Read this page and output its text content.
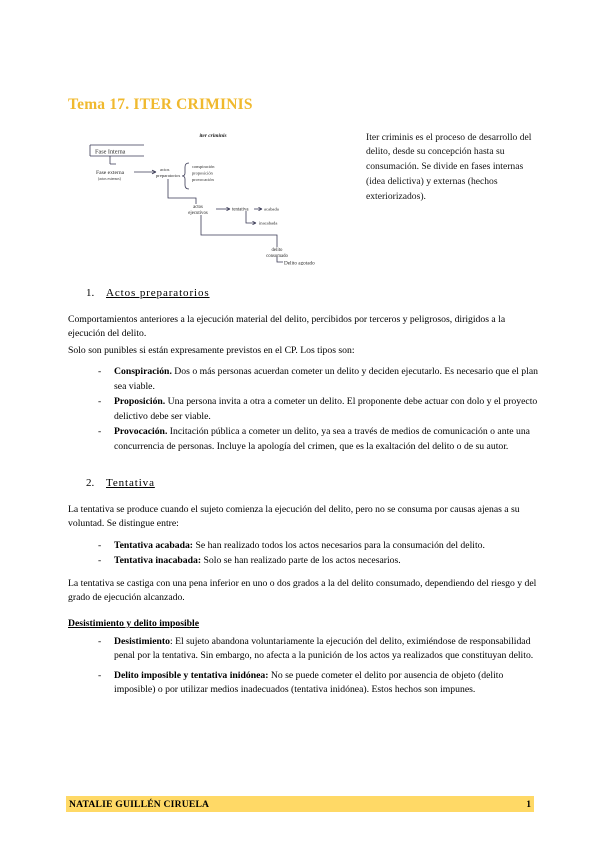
Tema 17. ITER CRIMINIS
iter criminis
Fase Interna
Fase externa
(actos externos)
actos
preparatorios
conspiración
proposición
provocación
actos
ejecutivos
tentativa	acabada
inacabada
delito
consumado
Delito agotado
Iter criminis es el proceso de desarrollo del delito, desde su concepción hasta su consumación. Se divide en fases internas (idea delictiva) y externas (hechos exteriorizados).
1.	Actos preparatorios

Comportamientos anteriores a la ejecución material del delito, percibidos por terceros y peligrosos, dirigidos a la ejecución del delito.

Solo son punibles si están expresamente previstos en el CP. Los tipos son:

- Conspiración. Dos o más personas acuerdan cometer un delito y deciden ejecutarlo. Es necesario que el plan sea viable.
- Proposición. Una persona invita a otra a cometer un delito. El proponente debe actuar con dolo y el proyecto delictivo debe ser viable.
- Provocación. Incitación pública a cometer un delito, ya sea a través de medios de comunicación o ante una concurrencia de personas. Incluye la apología del crimen, que es la exaltación del delito o de su autor.
2.	Tentativa

La tentativa se produce cuando el sujeto comienza la ejecución del delito, pero no se consuma por causas ajenas a su voluntad. Se distingue entre:

- Tentativa acabada: Se han realizado todos los actos necesarios para la consumación del delito.
- Tentativa inacabada: Solo se han realizado parte de los actos necesarios.

La tentativa se castiga con una pena inferior en uno o dos grados a la del delito consumado, dependiendo del riesgo y del grado de ejecución alcanzado.

Desistimiento y delito imposible
- Desistimiento: El sujeto abandona voluntariamente la ejecución del delito, eximiéndose de responsabilidad penal por la tentativa. Sin embargo, no afecta a la punición de los actos ya realizados que constituyan delito.
- Delito imposible y tentativa inidónea: No se puede cometer el delito por ausencia de objeto (delito imposible) o por utilizar medios inadecuados (tentativa inidónea). Estos hechos son impunes.
NATALIE GUILLÉN CIRUELA	1
